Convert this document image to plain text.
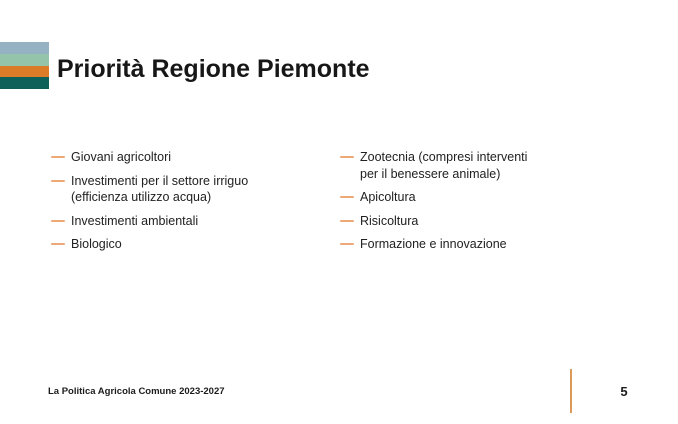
Priorità Regione Piemonte
Giovani agricoltori
Investimenti per il settore irriguo (efficienza utilizzo acqua)
Investimenti ambientali
Biologico
Zootecnia (compresi interventi per il benessere animale)
Apicoltura
Risicoltura
Formazione e innovazione
La Politica Agricola Comune 2023-2027	5
